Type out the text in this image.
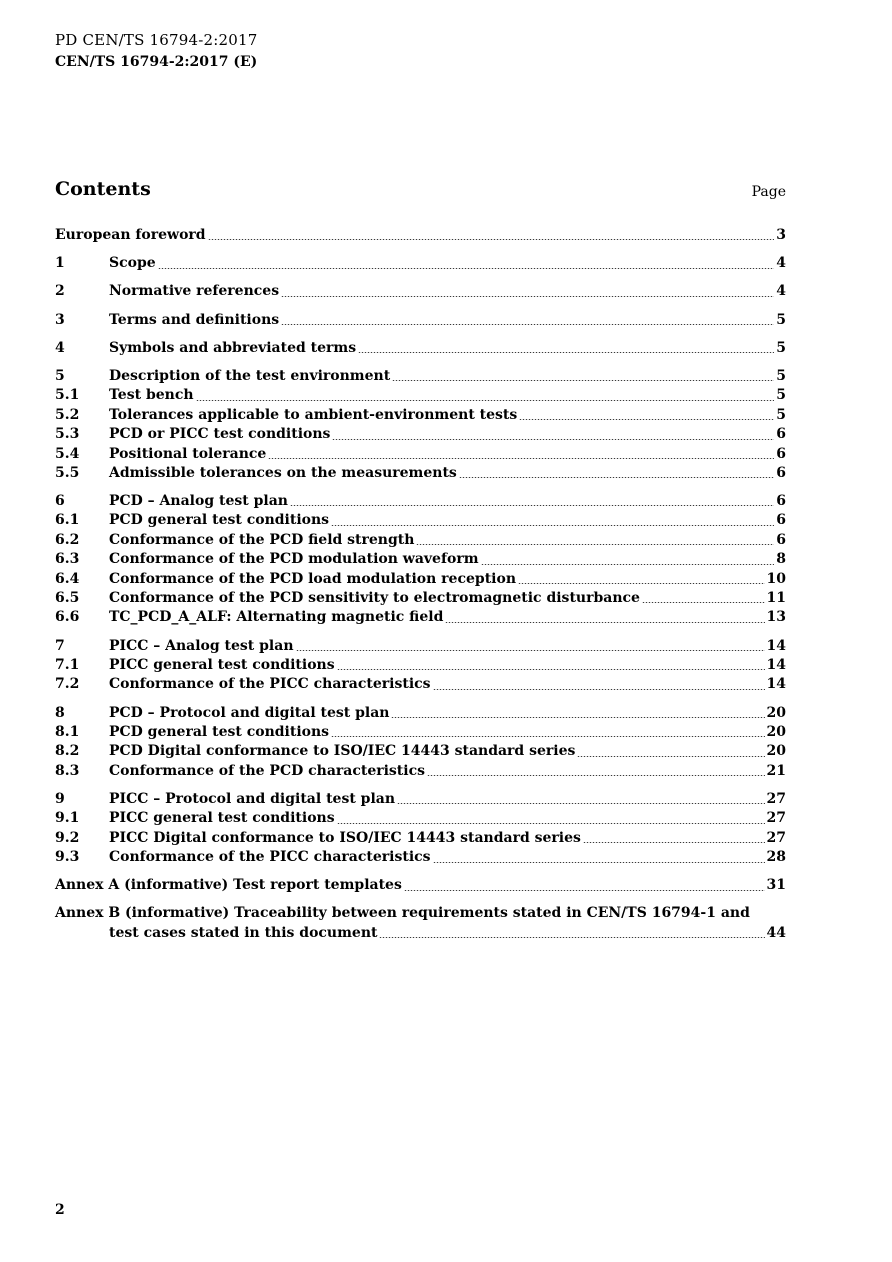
PD CEN/TS 16794-2:2017
CEN/TS 16794-2:2017 (E)
Contents	Page
European foreword	3
1	Scope	4
2	Normative references	4
3	Terms and definitions	5
4	Symbols and abbreviated terms	5
5	Description of the test environment	5
5.1	Test bench	5
5.2	Tolerances applicable to ambient-environment tests	5
5.3	PCD or PICC test conditions	6
5.4	Positional tolerance	6
5.5	Admissible tolerances on the measurements	6
6	PCD – Analog test plan	6
6.1	PCD general test conditions	6
6.2	Conformance of the PCD field strength	6
6.3	Conformance of the PCD modulation waveform	8
6.4	Conformance of the PCD load modulation reception	10
6.5	Conformance of the PCD sensitivity to electromagnetic disturbance	11
6.6	TC_PCD_A_ALF: Alternating magnetic field	13
7	PICC – Analog test plan	14
7.1	PICC general test conditions	14
7.2	Conformance of the PICC characteristics	14
8	PCD – Protocol and digital test plan	20
8.1	PCD general test conditions	20
8.2	PCD Digital conformance to ISO/IEC 14443 standard series	20
8.3	Conformance of the PCD characteristics	21
9	PICC – Protocol and digital test plan	27
9.1	PICC general test conditions	27
9.2	PICC Digital conformance to ISO/IEC 14443 standard series	27
9.3	Conformance of the PICC characteristics	28
Annex A (informative) Test report templates	31
Annex B (informative) Traceability between requirements stated in CEN/TS 16794-1 and
test cases stated in this document	44
2
